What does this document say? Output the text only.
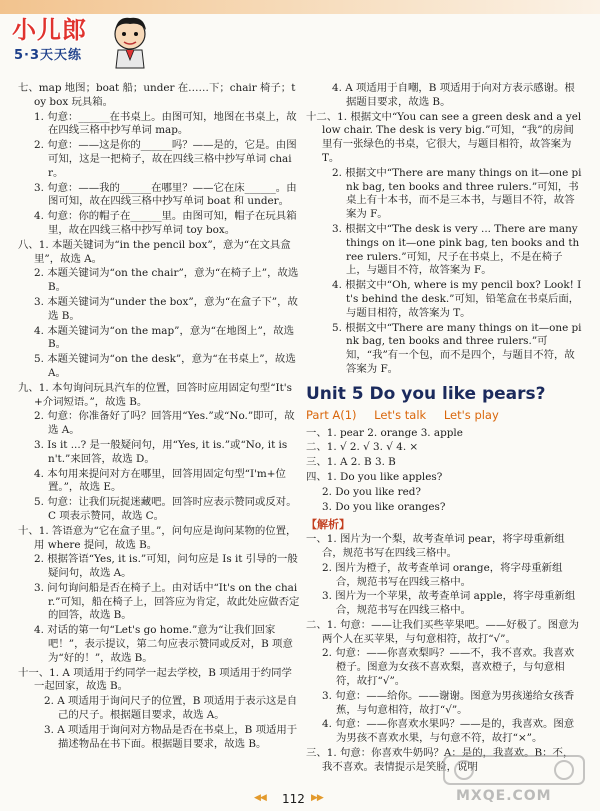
小儿郎
5·3天天练

七、map 地图；boat 船；under 在……下；chair 椅子；toy box 玩具箱。

1. 句意：______在书桌上。由图可知，地图在书桌上，故在四线三格中抄写单词 map。

2. 句意：——这是你的______吗？——是的，它是。由图可知，这是一把椅子，故在四线三格中抄写单词 chair。

3. 句意：——我的______在哪里？——它在床______。由图可知，故在四线三格中抄写单词 boat 和 under。

4. 句意：你的帽子在______里。由图可知，帽子在玩具箱里，故在四线三格中抄写单词 toy box。

八、1. 本题关键词为“in the pencil box”，意为“在文具盒里”，故选 A。

2. 本题关键词为“on the chair”，意为“在椅子上”，故选 B。

3. 本题关键词为“under the box”，意为“在盒子下”，故选 B。

4. 本题关键词为“on the map”，意为“在地图上”，故选 B。

5. 本题关键词为“on the desk”，意为“在书桌上”，故选 A。

九、1. 本句询问玩具汽车的位置，回答时应用固定句型“It's+介词短语。”，故选 B。

2. 句意：你准备好了吗？回答用“Yes.”或“No.”即可，故选 A。

3. Is it ...? 是一般疑问句，用“Yes, it is.”或“No, it isn't.”来回答，故选 D。

4. 本句用来提问对方在哪里，回答用固定句型“I'm+位置。”，故选 E。

5. 句意：让我们玩捉迷藏吧。回答时应表示赞同或反对。C 项表示赞同，故选 C。

十、1. 答语意为“它在盒子里。”，问句应是询问某物的位置，用 where 提问，故选 B。

2. 根据答语“Yes, it is.”可知，问句应是 Is it 引导的一般疑问句，故选 A。

3. 问句询问船是否在椅子上。由对话中“It's on the chair.”可知，船在椅子上，回答应为肯定，故此处应做否定的回答，故选 B。

4. 对话的第一句“Let's go home.”意为“让我们回家吧！”，表示提议，第二句应表示赞同或反对，B 项意为“好的！”，故选 B。

十一、1. A 项适用于约同学一起去学校，B 项适用于约同学一起回家，故选 B。

2. A 项适用于询问尺子的位置，B 项适用于表示这是自己的尺子。根据题目要求，故选 A。

3. A 项适用于询问对方物品是否在书桌上，B 项适用于描述物品在书下面。根据题目要求，故选 B。

4. A 项适用于自嘲，B 项适用于向对方表示感谢。根据题目要求，故选 B。

十二、1. 根据文中“You can see a green desk and a yellow chair. The desk is very big.”可知，“我”的房间里有一张绿色的书桌，它很大，与题目相符，故答案为 T。

2. 根据文中“There are many things on it—one pink bag, ten books and three rulers.”可知，书桌上有十本书，而不是三本书，与题目不符，故答案为 F。

3. 根据文中“The desk is very ... There are many things on it—one pink bag, ten books and three rulers.”可知，尺子在书桌上，不是在椅子上，与题目不符，故答案为 F。

4. 根据文中“Oh, where is my pencil box? Look! It's behind the desk.”可知，铅笔盒在书桌后面，与题目相符，故答案为 T。

5. 根据文中“There are many things on it—one pink bag, ten books and three rulers.”可知，“我”有一个包，而不是四个，与题目不符，故答案为 F。

Unit 5 Do you like pears?
Part A(1) Let's talk Let's play

一、1. pear 2. orange 3. apple

二、1. √ 2. √ 3. √ 4. ×

三、1. A 2. B 3. B

四、1. Do you like apples?

2. Do you like red?

3. Do you like oranges?

【解析】

一、1. 图片为一个梨，故考查单词 pear，将字母重新组合，规范书写在四线三格中。

2. 图片为橙子，故考查单词 orange，将字母重新组合，规范书写在四线三格中。

3. 图片为一个苹果，故考查单词 apple，将字母重新组合，规范书写在四线三格中。

二、1. 句意：——让我们买些苹果吧。——好极了。图意为两个人在买苹果，与句意相符，故打“√”。

2. 句意：——你喜欢梨吗？——不，我不喜欢。我喜欢橙子。图意为女孩不喜欢梨，喜欢橙子，与句意相符，故打“√”。

3. 句意：——给你。——谢谢。图意为男孩递给女孩香蕉，与句意相符，故打“√”。

4. 句意：——你喜欢水果吗？——是的，我喜欢。图意为男孩不喜欢水果，与句意不符，故打“×”。

三、1. 句意：你喜欢牛奶吗？A：是的，我喜欢。B：不，我不喜欢。表情提示是笑脸，说明

◀◀ 112 ▶▶	MXQE.COM
